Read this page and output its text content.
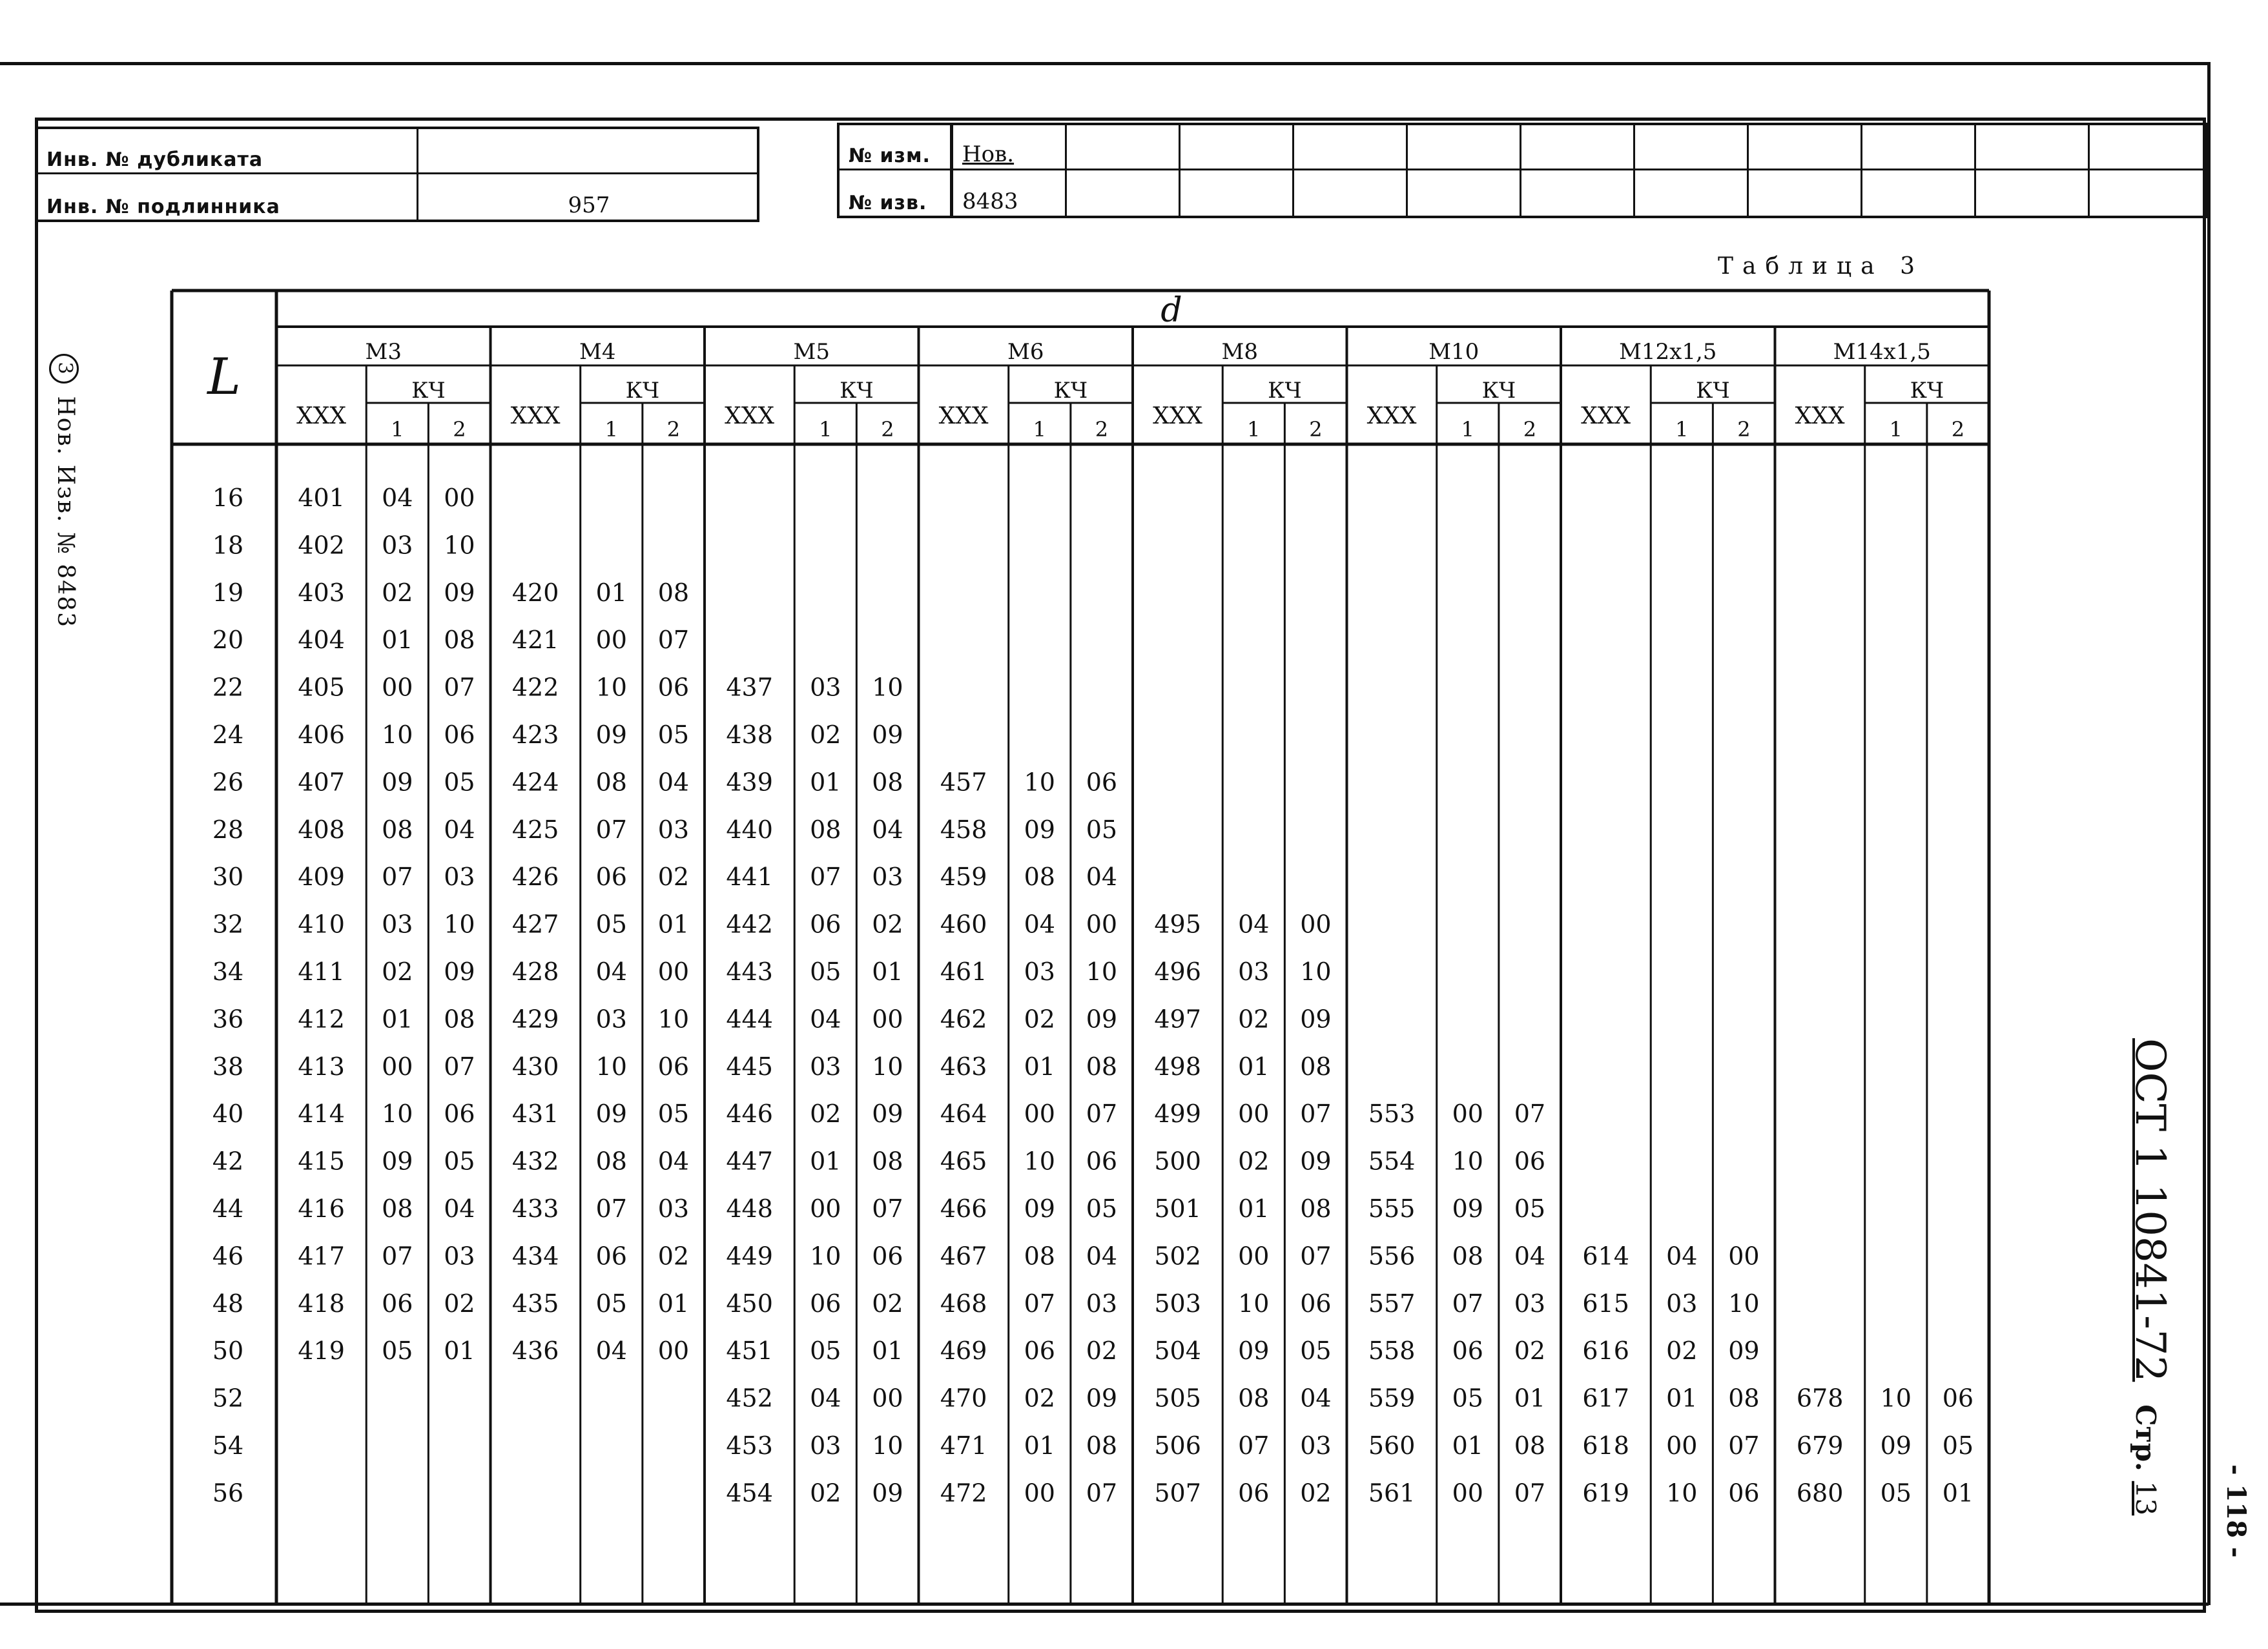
Инв. № дубликата
Инв. № подлинника	957
№ изм. Нов.
№ изв. 8483
3 Нов. Изв. № 8483
Таблица 3
ОСТ 1 10841-72 Стр. 13	- 118 -
L
d
M3
XXX
КЧ
1 2
401 04 00
402 03 10
403 02 09
404 01 08
405 00 07
406 10 06
407 09 05
408 08 04
409 07 03
410 03 10
411 02 09
412 01 08
413 00 07
414 10 06
415 09 05
416 08 04
417 07 03
418 06 02
419 05 01
M4
XXX
КЧ
1 2
420 01 08
421 00 07
422 10 06
423 09 05
424 08 04
425 07 03
426 06 02
427 05 01
428 04 00
429 03 10
430 10 06
431 09 05
432 08 04
433 07 03
434 06 02
435 05 01
436 04 00
M5
XXX
КЧ
1 2
437 03 10
438 02 09
439 01 08
440 08 04
441 07 03
442 06 02
443 05 01
444 04 00
445 03 10
446 02 09
447 01 08
448 00 07
449 10 06
450 06 02
451 05 01
452 04 00
453 03 10
454 02 09
M6
XXX
КЧ
1 2
457 10 06
458 09 05
459 08 04
460 04 00
461 03 10
462 02 09
463 01 08
464 00 07
465 10 06
466 09 05
467 08 04
468 07 03
469 06 02
470 02 09
471 01 08
472 00 07
M8
XXX
КЧ
1 2
495 04 00
496 03 10
497 02 09
498 01 08
499 00 07
500 02 09
501 01 08
502 00 07
503 10 06
504 09 05
505 08 04
506 07 03
507 06 02
M10
XXX
КЧ
1 2
553 00 07
554 10 06
555 09 05
556 08 04
557 07 03
558 06 02
559 05 01
560 01 08
561 00 07
M12x1,5
XXX
КЧ
1 2
614 04 00
615 03 10
616 02 09
617 01 08
618 00 07
619 10 06
M14x1,5
XXX
КЧ
1 2
678 10 06
679 09 05
680 05 01
16
18
19
20
22
24
26
28
30
32
34
36
38
40
42
44
46
48
50
52
54
56
